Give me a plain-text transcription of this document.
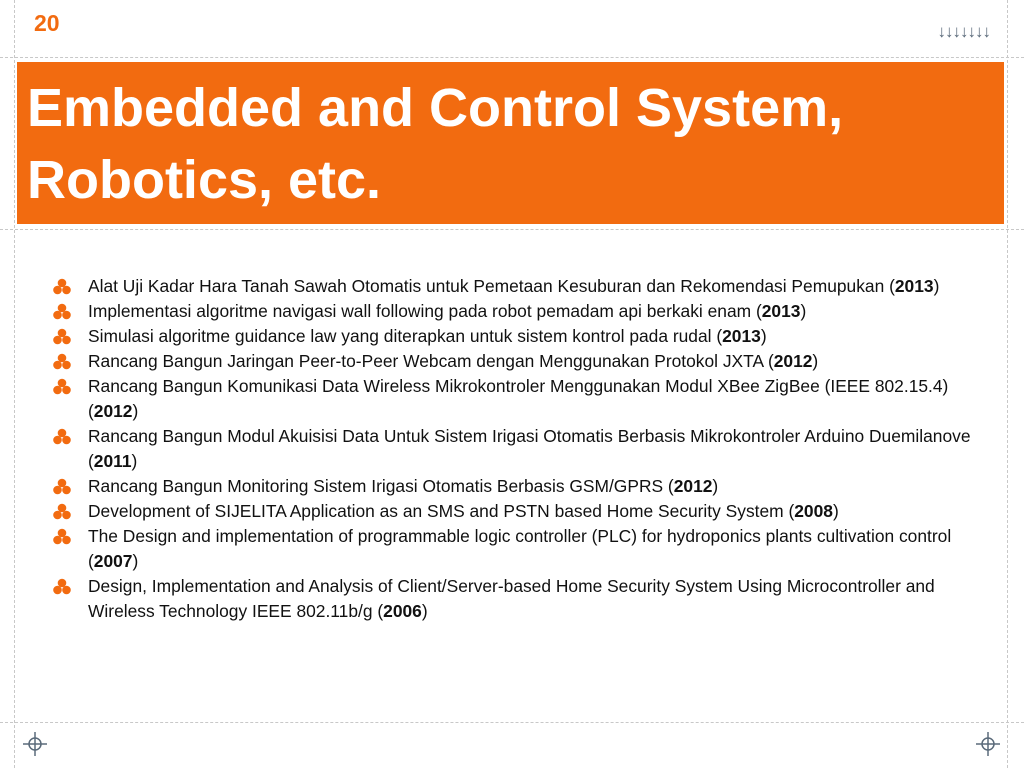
20	↓↓↓↓↓↓↓
Embedded and Control System,
Robotics, etc.
Alat Uji Kadar Hara Tanah Sawah Otomatis untuk Pemetaan Kesuburan dan Rekomendasi Pemupukan (2013)
Implementasi algoritme navigasi wall following pada robot pemadam api berkaki enam (2013)
Simulasi algoritme guidance law yang diterapkan untuk sistem kontrol pada rudal (2013)
Rancang Bangun Jaringan Peer-to-Peer Webcam dengan Menggunakan Protokol JXTA (2012)
Rancang Bangun Komunikasi Data Wireless Mikrokontroler Menggunakan Modul XBee ZigBee (IEEE 802.15.4) (2012)
Rancang Bangun Modul Akuisisi Data Untuk Sistem Irigasi Otomatis Berbasis Mikrokontroler Arduino Duemilanove (2011)
Rancang Bangun Monitoring Sistem Irigasi Otomatis Berbasis GSM/GPRS (2012)
Development of SIJELITA Application as an SMS and PSTN based Home Security System (2008)
The Design and implementation of programmable logic controller (PLC) for hydroponics plants cultivation control (2007)
Design, Implementation and Analysis of Client/Server-based Home Security System Using Microcontroller and Wireless Technology IEEE 802.11b/g (2006)
